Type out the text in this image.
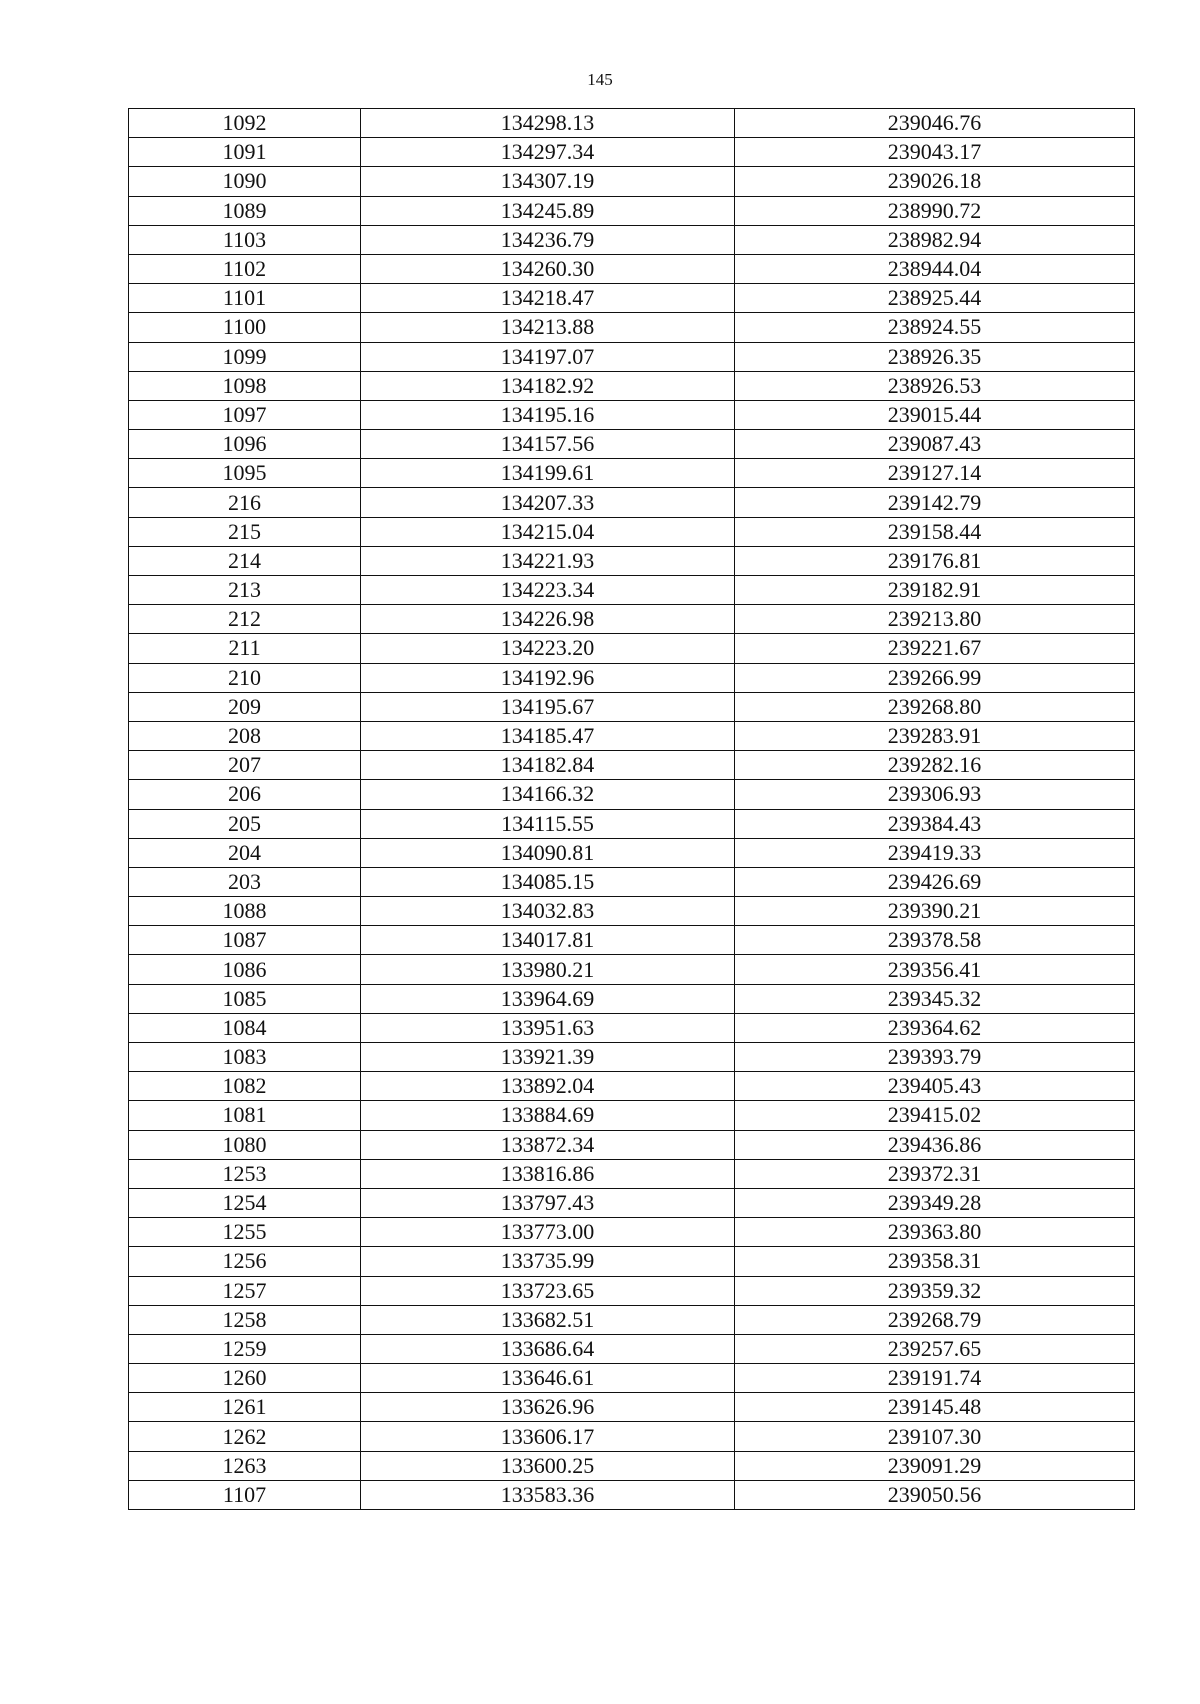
145
1092	134298.13	239046.76
1091	134297.34	239043.17
1090	134307.19	239026.18
1089	134245.89	238990.72
1103	134236.79	238982.94
1102	134260.30	238944.04
1101	134218.47	238925.44
1100	134213.88	238924.55
1099	134197.07	238926.35
1098	134182.92	238926.53
1097	134195.16	239015.44
1096	134157.56	239087.43
1095	134199.61	239127.14
216	134207.33	239142.79
215	134215.04	239158.44
214	134221.93	239176.81
213	134223.34	239182.91
212	134226.98	239213.80
211	134223.20	239221.67
210	134192.96	239266.99
209	134195.67	239268.80
208	134185.47	239283.91
207	134182.84	239282.16
206	134166.32	239306.93
205	134115.55	239384.43
204	134090.81	239419.33
203	134085.15	239426.69
1088	134032.83	239390.21
1087	134017.81	239378.58
1086	133980.21	239356.41
1085	133964.69	239345.32
1084	133951.63	239364.62
1083	133921.39	239393.79
1082	133892.04	239405.43
1081	133884.69	239415.02
1080	133872.34	239436.86
1253	133816.86	239372.31
1254	133797.43	239349.28
1255	133773.00	239363.80
1256	133735.99	239358.31
1257	133723.65	239359.32
1258	133682.51	239268.79
1259	133686.64	239257.65
1260	133646.61	239191.74
1261	133626.96	239145.48
1262	133606.17	239107.30
1263	133600.25	239091.29
1107	133583.36	239050.56
